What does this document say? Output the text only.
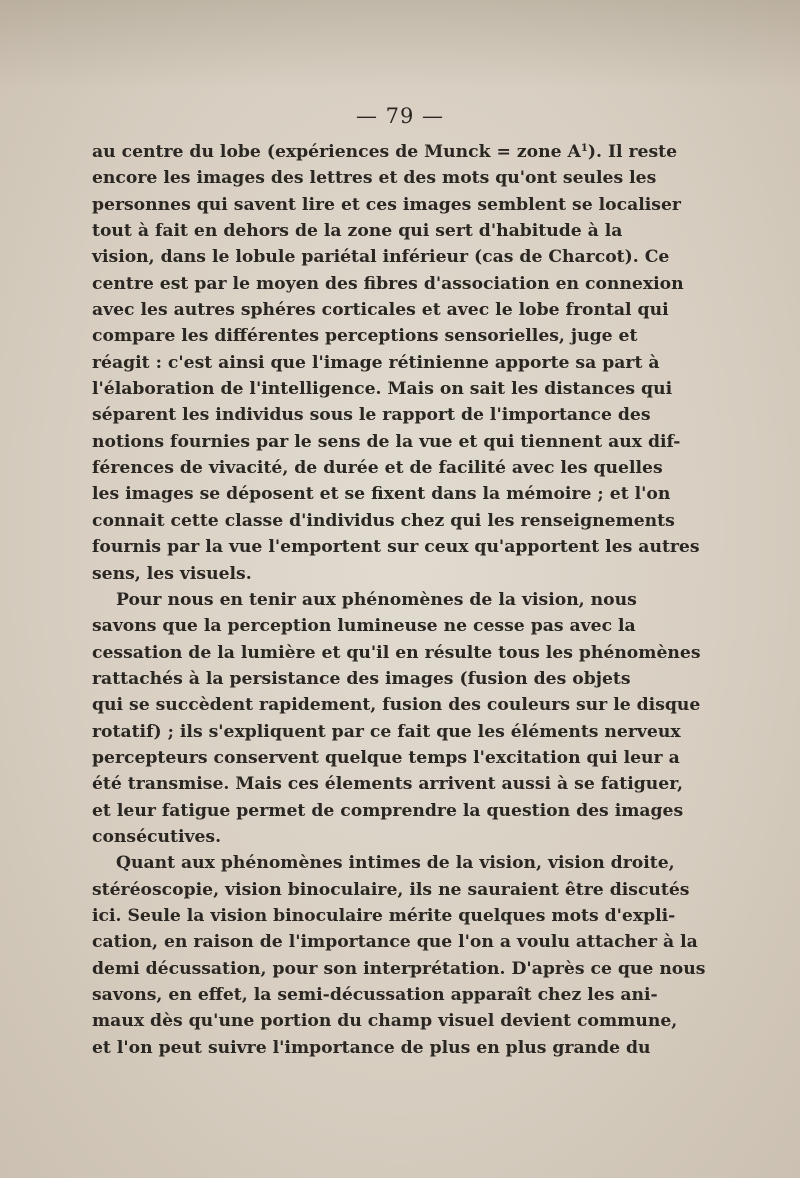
— 79 —
au centre du lobe (expériences de Munck = zone $A^1$). Il reste
encore les images des lettres et des mots qu'ont seules les
personnes qui savent lire et ces images semblent se localiser
tout à fait en dehors de la zone qui sert d'habitude à la
vision, dans le lobule pariétal inférieur (cas de Charcot). Ce
centre est par le moyen des fibres d'association en connexion
avec les autres sphéres corticales et avec le lobe frontal qui
compare les différentes perceptions sensorielles, juge et
réagit : c'est ainsi que l'image rétinienne apporte sa part à
l'élaboration de l'intelligence. Mais on sait les distances qui
séparent les individus sous le rapport de l'importance des
notions fournies par le sens de la vue et qui tiennent aux dif-
férences de vivacité, de durée et de facilité avec les quelles
les images se déposent et se fixent dans la mémoire ; et l'on
connait cette classe d'individus chez qui les renseignements
fournis par la vue l'emportent sur ceux qu'apportent les autres
sens, les visuels.
Pour nous en tenir aux phénomènes de la vision, nous
savons que la perception lumineuse ne cesse pas avec la
cessation de la lumière et qu'il en résulte tous les phénomènes
rattachés à la persistance des images (fusion des objets
qui se succèdent rapidement, fusion des couleurs sur le disque
rotatif) ; ils s'expliquent par ce fait que les éléments nerveux
percepteurs conservent quelque temps l'excitation qui leur a
été transmise. Mais ces élements arrivent aussi à se fatiguer,
et leur fatigue permet de comprendre la question des images
consécutives.
Quant aux phénomènes intimes de la vision, vision droite,
stéréoscopie, vision binoculaire, ils ne sauraient être discutés
ici. Seule la vision binoculaire mérite quelques mots d'expli-
cation, en raison de l'importance que l'on a voulu attacher à la
demi décussation, pour son interprétation. D'après ce que nous
savons, en effet, la semi-décussation apparaît chez les ani-
maux dès qu'une portion du champ visuel devient commune,
et l'on peut suivre l'importance de plus en plus grande du
